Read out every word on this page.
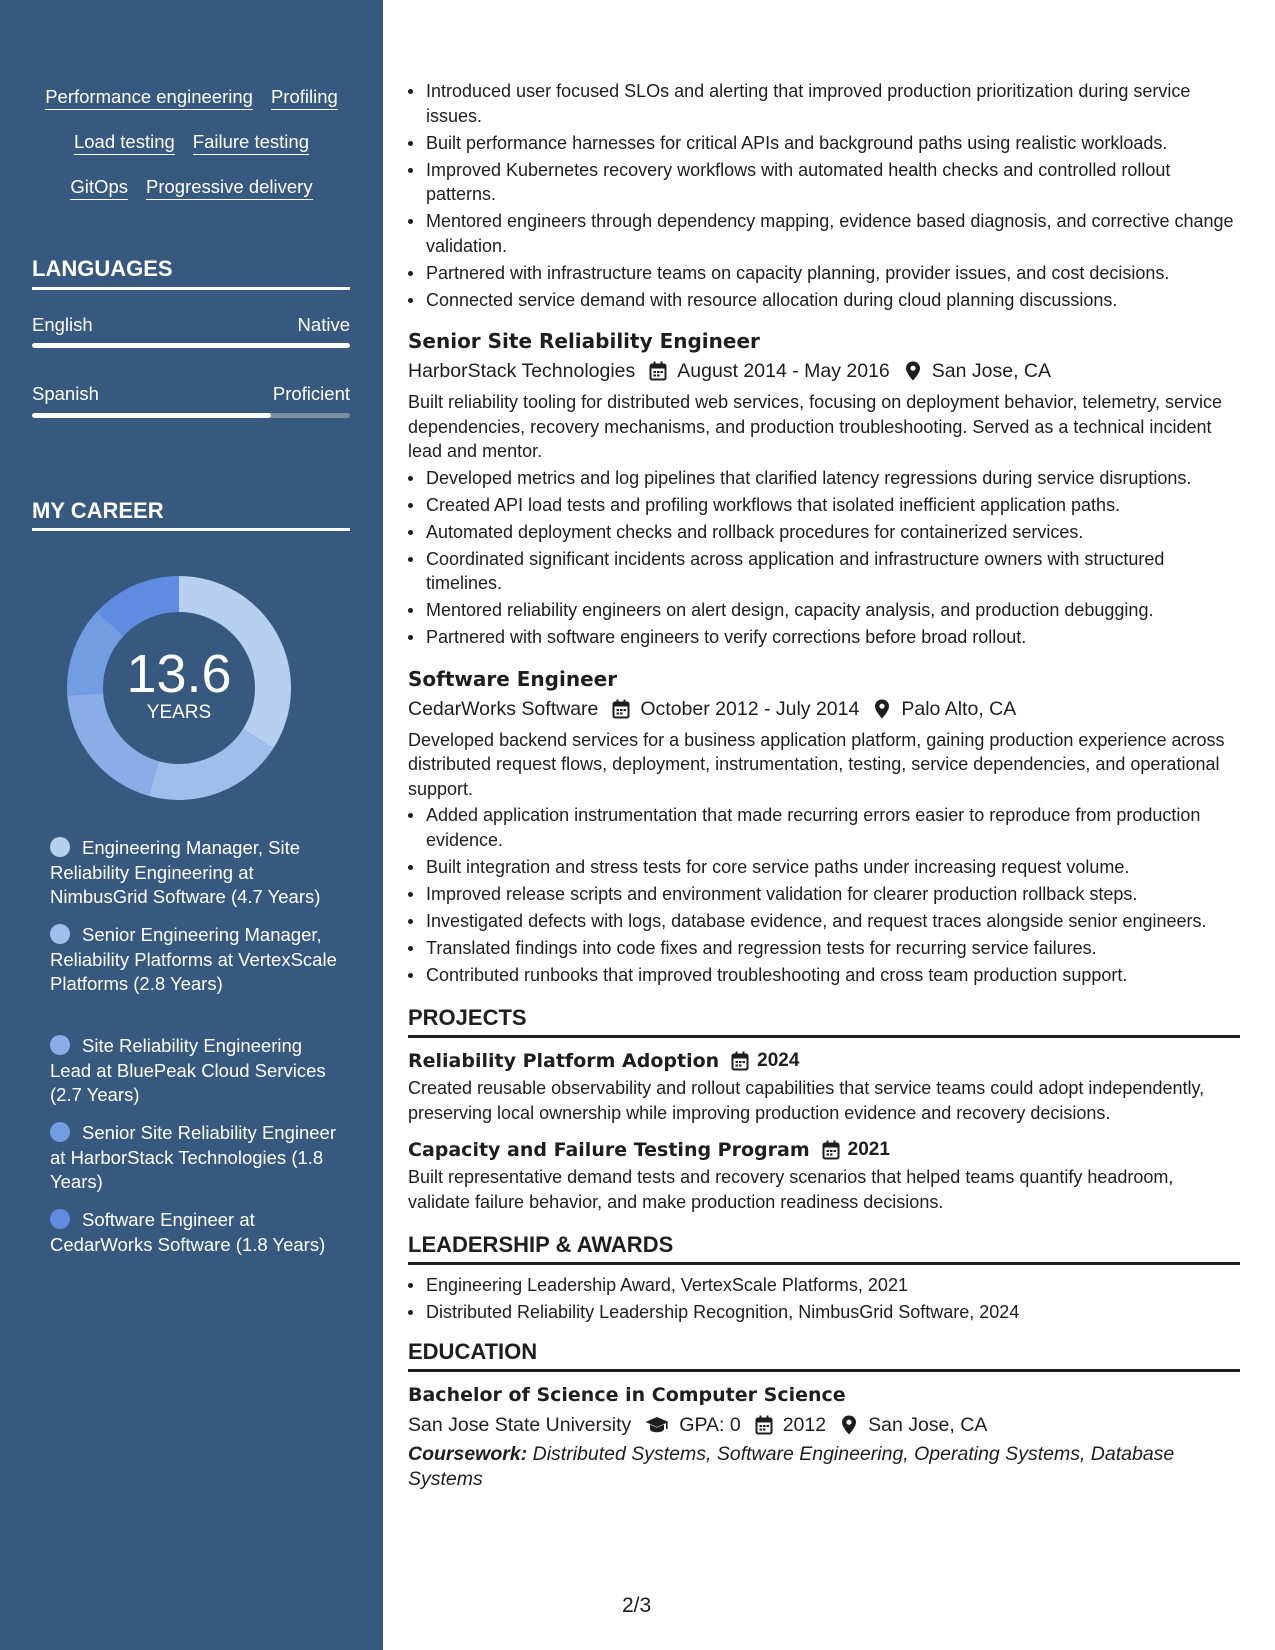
Performance engineering Profiling
Load testing Failure testing
GitOps Progressive delivery
LANGUAGES
English	Native
Spanish	Proficient
MY CAREER
13.6
YEARS
Engineering Manager, Site Reliability Engineering at NimbusGrid Software (4.7 Years)
Senior Engineering Manager, Reliability Platforms at VertexScale Platforms (2.8 Years)
Site Reliability Engineering Lead at BluePeak Cloud Services (2.7 Years)
Senior Site Reliability Engineer at HarborStack Technologies (1.8 Years)
Software Engineer at CedarWorks Software (1.8 Years)
Introduced user focused SLOs and alerting that improved production prioritization during service issues.
Built performance harnesses for critical APIs and background paths using realistic workloads.
Improved Kubernetes recovery workflows with automated health checks and controlled rollout patterns.
Mentored engineers through dependency mapping, evidence based diagnosis, and corrective change validation.
Partnered with infrastructure teams on capacity planning, provider issues, and cost decisions.
Connected service demand with resource allocation during cloud planning discussions.
Senior Site Reliability Engineer
HarborStack Technologies August 2014 - May 2016 San Jose, CA
Built reliability tooling for distributed web services, focusing on deployment behavior, telemetry, service dependencies, recovery mechanisms, and production troubleshooting. Served as a technical incident lead and mentor.
Developed metrics and log pipelines that clarified latency regressions during service disruptions.
Created API load tests and profiling workflows that isolated inefficient application paths.
Automated deployment checks and rollback procedures for containerized services.
Coordinated significant incidents across application and infrastructure owners with structured timelines.
Mentored reliability engineers on alert design, capacity analysis, and production debugging.
Partnered with software engineers to verify corrections before broad rollout.
Software Engineer
CedarWorks Software October 2012 - July 2014 Palo Alto, CA
Developed backend services for a business application platform, gaining production experience across distributed request flows, deployment, instrumentation, testing, service dependencies, and operational support.
Added application instrumentation that made recurring errors easier to reproduce from production evidence.
Built integration and stress tests for core service paths under increasing request volume.
Improved release scripts and environment validation for clearer production rollback steps.
Investigated defects with logs, database evidence, and request traces alongside senior engineers.
Translated findings into code fixes and regression tests for recurring service failures.
Contributed runbooks that improved troubleshooting and cross team production support.
PROJECTS
Reliability Platform Adoption 2024
Created reusable observability and rollout capabilities that service teams could adopt independently, preserving local ownership while improving production evidence and recovery decisions.
Capacity and Failure Testing Program 2021
Built representative demand tests and recovery scenarios that helped teams quantify headroom, validate failure behavior, and make production readiness decisions.
LEADERSHIP & AWARDS
Engineering Leadership Award, VertexScale Platforms, 2021
Distributed Reliability Leadership Recognition, NimbusGrid Software, 2024
EDUCATION
Bachelor of Science in Computer Science
San Jose State University GPA: 0 2012 San Jose, CA
Coursework: Distributed Systems, Software Engineering, Operating Systems, Database Systems
2/3
